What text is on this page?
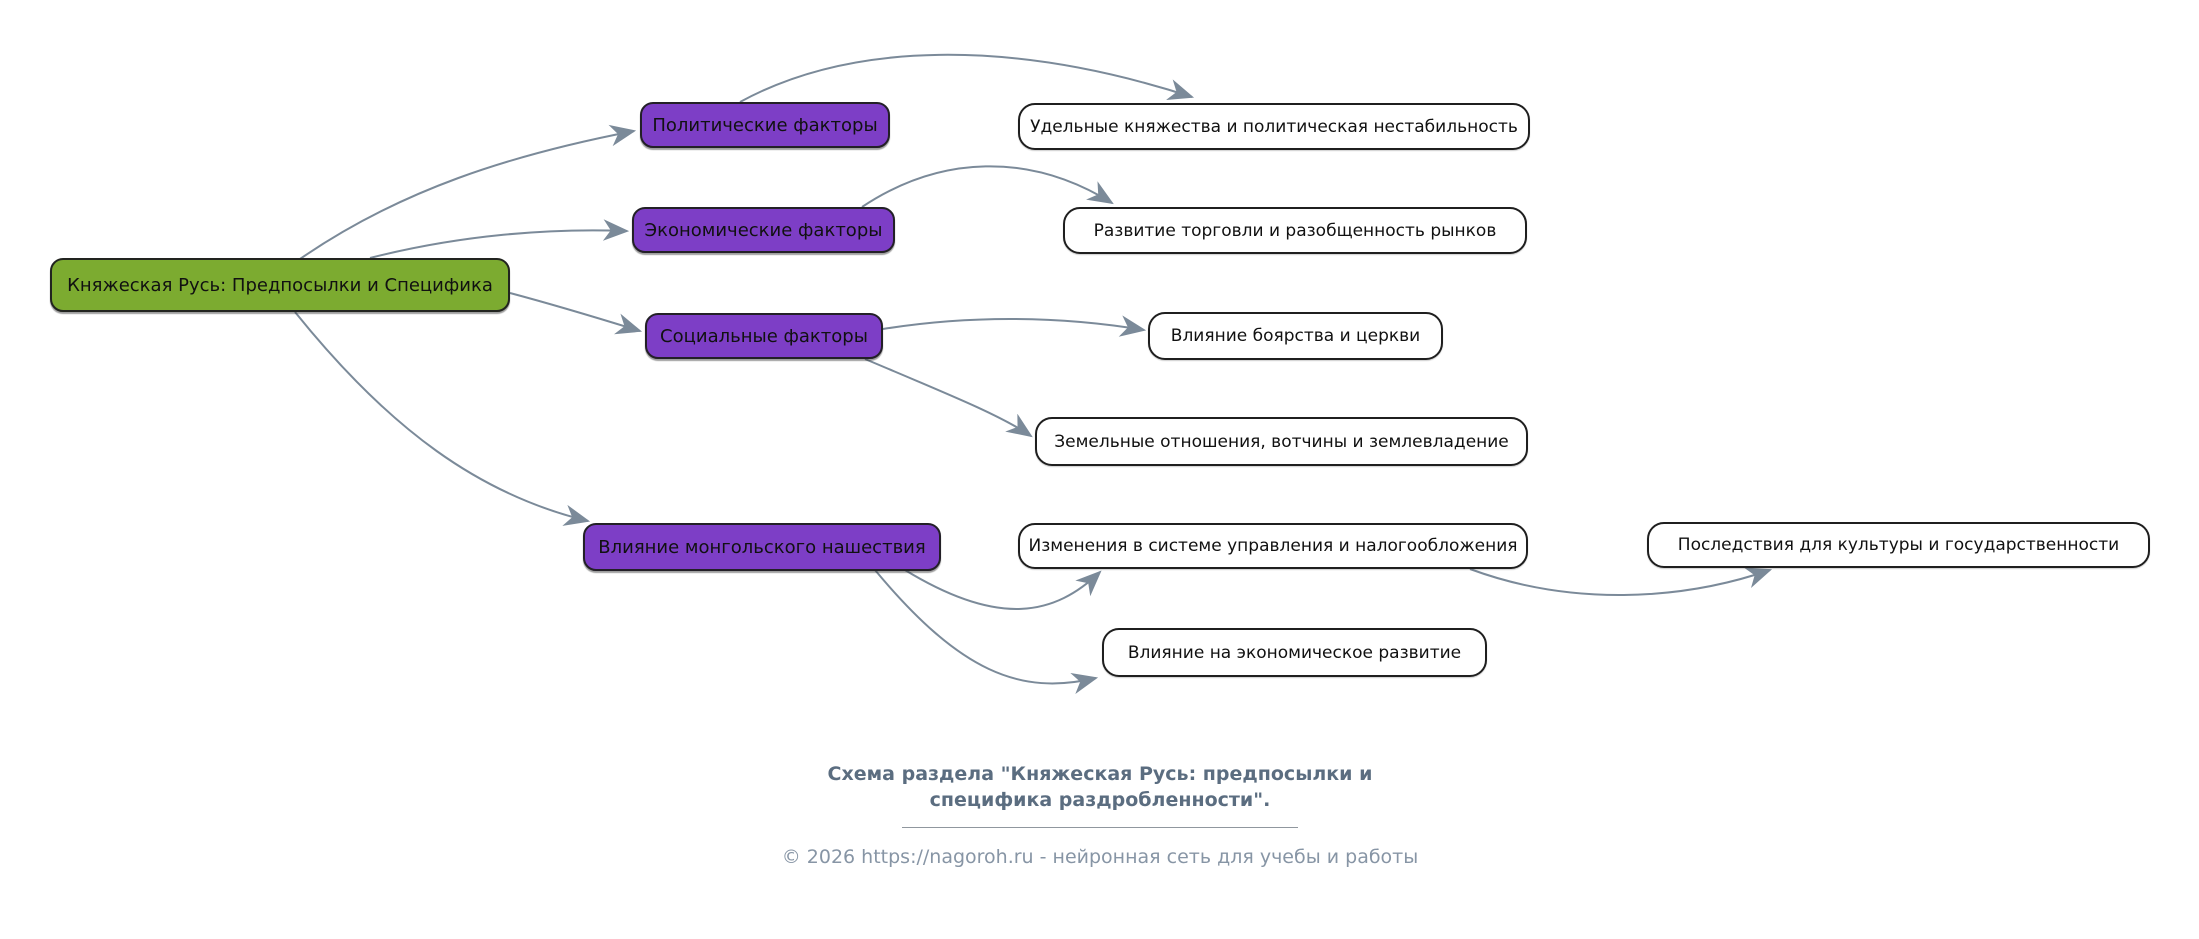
Княжеская Русь: Предпосылки и Специфика
Политические факторы
Экономические факторы
Социальные факторы
Влияние монгольского нашествия
Удельные княжества и политическая нестабильность
Развитие торговли и разобщенность рынков
Влияние боярства и церкви
Земельные отношения, вотчины и землевладение
Изменения в системе управления и налогообложения	Последствия для культуры и государственности
Влияние на экономическое развитие
Схема раздела "Княжеская Русь: предпосылки и
специфика раздробленности".
© 2026 https://nagoroh.ru - нейронная сеть для учебы и работы
